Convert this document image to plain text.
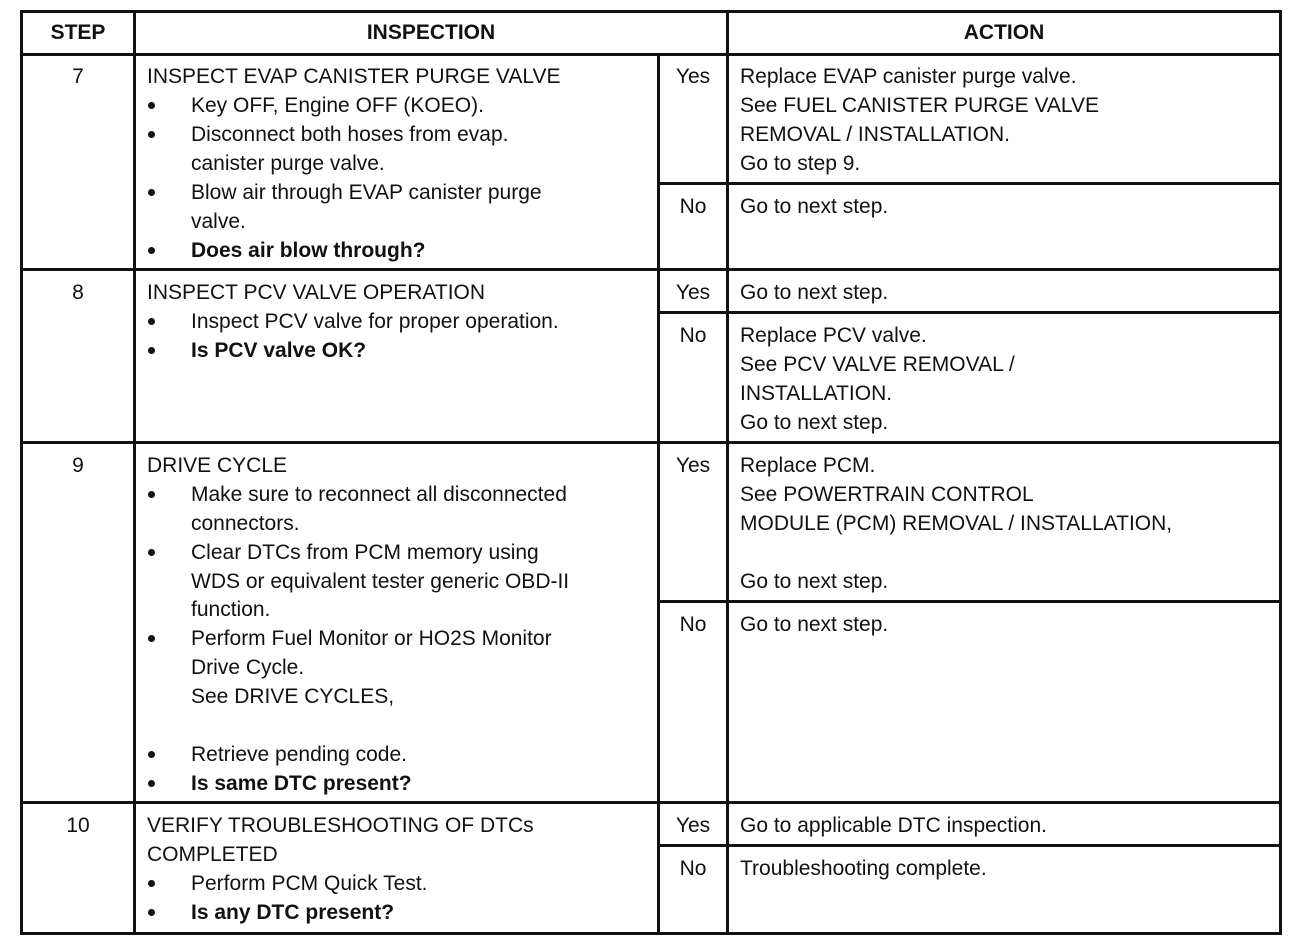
STEP	INSPECTION	ACTION
7	INSPECT EVAP CANISTER PURGE VALVE
Key OFF, Engine OFF (KOEO).
Disconnect both hoses from evap.
canister purge valve.
Blow air through EVAP canister purge
valve.
Does air blow through?
Yes	Replace EVAP canister purge valve.
See FUEL CANISTER PURGE VALVE
REMOVAL / INSTALLATION.
Go to step 9.
No	Go to next step.
8	INSPECT PCV VALVE OPERATION
Inspect PCV valve for proper operation.
Is PCV valve OK?
Yes	Go to next step.
No	Replace PCV valve.
See PCV VALVE REMOVAL /
INSTALLATION.
Go to next step.
9	DRIVE CYCLE
Make sure to reconnect all disconnected
connectors.
Clear DTCs from PCM memory using
WDS or equivalent tester generic OBD-II
function.
Perform Fuel Monitor or HO2S Monitor
Drive Cycle.
See DRIVE CYCLES,
Retrieve pending code.
Is same DTC present?
Yes	Replace PCM.
See POWERTRAIN CONTROL
MODULE (PCM) REMOVAL / INSTALLATION,
Go to next step.
No	Go to next step.
10	VERIFY TROUBLESHOOTING OF DTCs
COMPLETED
Perform PCM Quick Test.
Is any DTC present?
Yes	Go to applicable DTC inspection.
No	Troubleshooting complete.
